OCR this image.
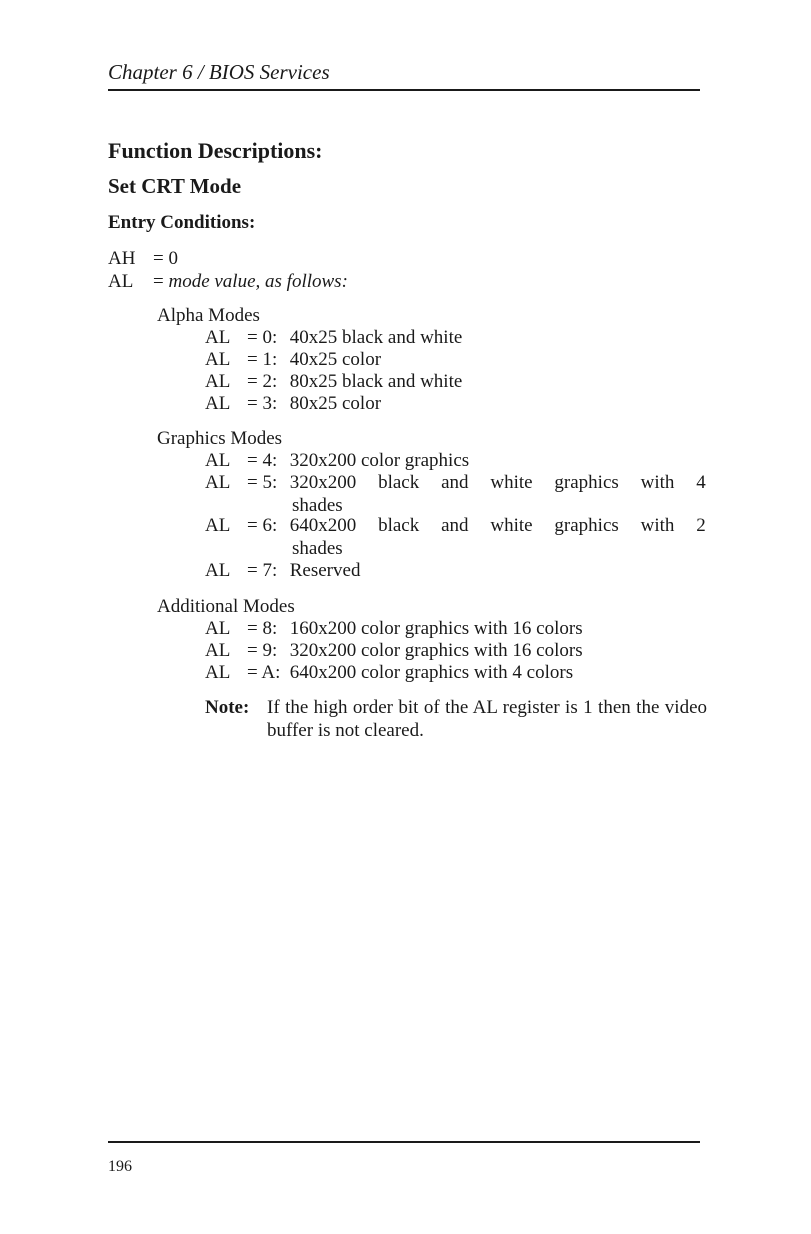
Chapter 6 / BIOS Services
Function Descriptions:
Set CRT Mode
Entry Conditions:
AH = 0
AL = mode value, as follows:
Alpha Modes
AL = 0: 40x25 black and white
AL = 1: 40x25 color
AL = 2: 80x25 black and white
AL = 3: 80x25 color
Graphics Modes
AL = 4: 320x200 color graphics
AL = 5: 320x200 black and white graphics with 4
shades
AL = 6: 640x200 black and white graphics with 2
shades
AL = 7: Reserved
Additional Modes
AL = 8: 160x200 color graphics with 16 colors
AL = 9: 320x200 color graphics with 16 colors
AL = A: 640x200 color graphics with 4 colors
Note: If the high order bit of the AL register is 1 then the video buffer is not cleared.
196
